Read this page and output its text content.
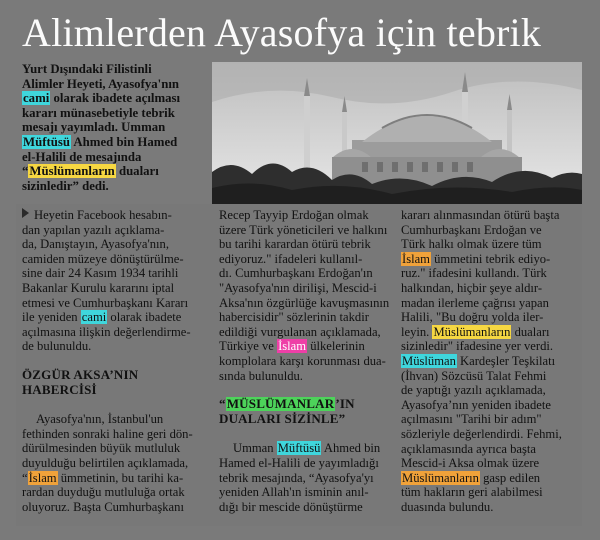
Alimlerden Ayasofya için tebrik
Yurt Dışındaki Filistinli
Alimler Heyeti, Ayasofya'nın
cami olarak ibadete açılması
kararı münasebetiyle tebrik
mesajı yayımladı. Umman
Müftüsü Ahmed bin Hamed
el-Halili de mesajında
“Müslümanların duaları
sizinledir” dedi.
Heyetin Facebook hesabın-
dan yapılan yazılı açıklama-
da, Danıştayın, Ayasofya'nın,
camiden müzeye dönüştürülme-
sine dair 24 Kasım 1934 tarihli
Bakanlar Kurulu kararını iptal
etmesi ve Cumhurbaşkanı Kararı
ile yeniden cami olarak ibadete
açılmasına ilişkin değerlendirme-
de bulunuldu.
ÖZGÜR AKSA’NIN
HABERCİSİ
Ayasofya'nın, İstanbul'un
fethinden sonraki haline geri dön-
dürülmesinden büyük mutluluk
duyulduğu belirtilen açıklamada,
“İslam ümmetinin, bu tarihi ka-
rardan duyduğu mutluluğa ortak
oluyoruz. Başta Cumhurbaşkanı
Recep Tayyip Erdoğan olmak
üzere Türk yöneticileri ve halkını
bu tarihi karardan ötürü tebrik
ediyoruz." ifadeleri kullanıl-
dı. Cumhurbaşkanı Erdoğan'ın
"Ayasofya'nın dirilişi, Mescid-i
Aksa'nın özgürlüğe kavuşmasının
habercisidir" sözlerinin takdir
edildiği vurgulanan açıklamada,
Türkiye ve İslam ülkelerinin
komplolara karşı korunması dua-
sında bulunuldu.
“MÜSLÜMANLAR’IN
DUALARI SİZİNLE”
Umman Müftüsü Ahmed bin
Hamed el-Halili de yayımladığı
tebrik mesajında, “Ayasofya'yı
yeniden Allah'ın isminin anıl-
dığı bir mescide dönüştürme
kararı alınmasından ötürü başta
Cumhurbaşkanı Erdoğan ve
Türk halkı olmak üzere tüm
İslam ümmetini tebrik ediyo-
ruz." ifadesini kullandı. Türk
halkından, hiçbir şeye aldır-
madan ilerleme çağrısı yapan
Halili, "Bu doğru yolda iler-
leyin. Müslümanların duaları
sizinledir" ifadesine yer verdi.
Müslüman Kardeşler Teşkilatı
(İhvan) Sözcüsü Talat Fehmi
de yaptığı yazılı açıklamada,
Ayasofya’nın yeniden ibadete
açılmasını "Tarihi bir adım"
sözleriyle değerlendirdi. Fehmi,
açıklamasında ayrıca başta
Mescid-i Aksa olmak üzere
Müslümanların gasp edilen
tüm hakların geri alabilmesi
duasında bulundu.
